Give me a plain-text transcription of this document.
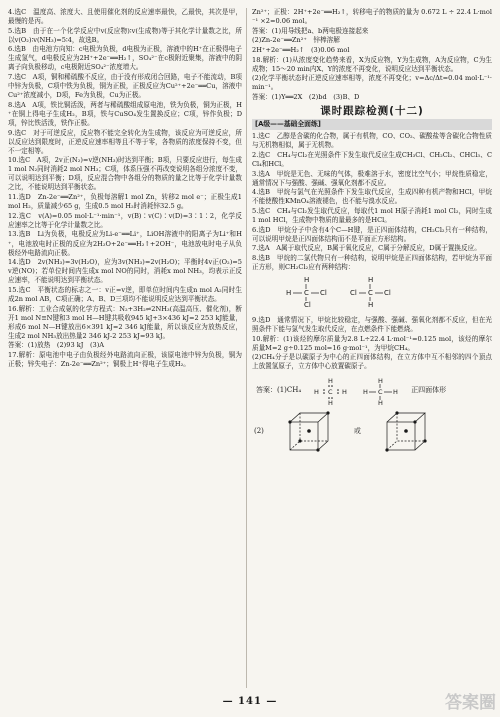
4.选C　温度高、浓度大、且使用催化剂的反应速率最快，乙最快，其次是甲，最慢的是丙。

5.选B　由于在一个化学反应中v(反应物)∶v(生成物)等于其化学计量数之比，所以v(O₂)∶v(NH₃)=5∶4，故选B。

6.选B　由电池方向知：c电极为负极，d电极为正极，溶液中的H⁺在正极得电子生成氢气，d电极反应为2H⁺+2e⁻══H₂↑，SO₄²⁻在c极附近聚集，溶液中的阴离子向负极移动，c电极附近SO₄²⁻浓度增大。

7.选C　A项，铜和稀硫酸不反应，由于没有形成闭合回路，电子不能流动，B项中锌为负极，C项中铁为负极，铜为正极，正极反应为Cu²⁺+2e⁻══Cu，溶液中Cu²⁺浓度减小，D项，Fe为负极，Cu为正极。

8.选A　A项，铁比铜活泼，两者与稀硫酸组成原电池，铁为负极，铜为正极，H⁺在铜上得电子生成H₂，B项，铁与CuSO₄发生置换反应；C项，锌作负极；D项，锌比铁活泼，铁作正极。

9.选C　对于可逆反应，反应物不能完全转化为生成物，该反应为可逆反应，所以反应达到限度时，正逆反应速率相等且不等于零，各物质的浓度保持不变，但不一定相等。

10.选C　A项，2v正(N₂)=v逆(NH₃)时达到平衡；B项，只要反应进行，每生成1 mol N₂同时消耗2 mol NH₃；C项，体系压强不再改变说明各组分浓度不变，可以说明达到平衡；D项，反应混合物中各组分的物质的量之比等于化学计量数之比，不能说明达到平衡状态。

11.选D　Zn-2e⁻══Zn²⁺，负极每溶解1 mol Zn，转移2 mol e⁻；正极生成1 mol H₂，质量减少65 g，生成0.5 mol H₂时消耗锌32.5 g。

12.选C　v(A)=0.05 mol·L⁻¹·min⁻¹，v(B)∶v(C)∶v(D)=3∶1∶2，化学反应速率之比等于化学计量数之比。

13.选B　Li为负极，电极反应为Li-e⁻══Li⁺，LiOH溶液中的阳离子为Li⁺和H⁺，电池放电时正极的反应为2H₂O+2e⁻══H₂↑+2OH⁻，电池放电时电子从负极经外电路流向正极。

14.选D　2v(NH₃)=3v(H₂O)，应为3v(NH₃)=2v(H₂O)；平衡时4v正(O₂)=5v逆(NO)；若单位时间内生成x mol NO的同时，消耗x mol NH₃，均表示正反应速率，不能说明达到平衡状态。

15.选C　平衡状态的标志之一：v正=v逆，即单位时间内生成n mol A₂同时生成2n mol AB，C项正确；A、B、D三项均不能说明反应达到平衡状态。

16.解析：工业合成氨的化学方程式：N₂+3H₂⇌2NH₃(高温高压、催化剂)，断开1 mol N≡N键和3 mol H—H键共吸收945 kJ+3×436 kJ=2 253 kJ能量，形成6 mol N—H键放出6×391 kJ=2 346 kJ能量，所以该反应为放热反应，生成2 mol NH₃放出热量2 346 kJ-2 253 kJ=93 kJ。

答案：(1)放热　(2)93 kJ　(3)A

17.解析：原电池中电子由负极经外电路流向正极，该原电池中锌为负极，铜为正极；锌失电子：Zn-2e⁻══Zn²⁺；铜极上H⁺得电子生成H₂。

Zn²⁺；正极：2H⁺+2e⁻══H₂↑，转移电子的物质的量为 0.672 L ÷ 22.4 L·mol⁻¹ ×2=0.06 mol。

答案：(1)用导线把a、b两电极连接起来

(2)Zn-2e⁻══Zn²⁺　锌棒溶解

2H⁺+2e⁻══H₂↑　(3)0.06 mol

18.解析：(1)从浓度变化趋势来看，X为反应物，Y为生成物，A为反应物，C为生成物；15～20 min内X、Y的浓度不再变化，说明反应达到平衡状态。

(2)化学平衡状态时正逆反应速率相等，浓度不再变化；v=Δc/Δt=0.04 mol·L⁻¹·min⁻¹。

答案：(1)Y══2X　(2)bd　(3)B、D

课时跟踪检测(十二)
[A级——基础全面练]

1.选C　乙醇是含碳的化合物，属于有机物，CO、CO₂、碳酸盐等含碳化合物性质与无机物相似，属于无机物。

2.选C　CH₄与Cl₂在光照条件下发生取代反应生成CH₃Cl、CH₂Cl₂、CHCl₃、CCl₄和HCl。

3.选A　甲烷是无色、无味的气体，极难溶于水，密度比空气小；甲烷性质稳定，通常情况下与强酸、强碱、强氧化剂都不反应。

4.选B　甲烷与氯气在光照条件下发生取代反应，生成四种有机产物和HCl，甲烷不能使酸性KMnO₄溶液褪色，也不能与溴水反应。

5.选C　CH₄与Cl₂发生取代反应，每取代1 mol H原子消耗1 mol Cl₂，同时生成1 mol HCl，生成物中物质的量最多的是HCl。

6.选D　甲烷分子中含有4个C—H键，是正四面体结构，CH₂Cl₂只有一种结构，可以说明甲烷是正四面体结构而不是平面正方形结构。

7.选A　A属于取代反应，B属于氧化反应，C属于分解反应，D属于置换反应。

8.选B　甲烷的二氯代物只有一种结构，说明甲烷是正四面体结构，若甲烷为平面正方形，则CH₂Cl₂应有两种结构：

H
Cl
H C Cl
H
H
Cl C Cl

9.选D　通常情况下，甲烷比较稳定，与强酸、强碱、强氧化剂都不反应，但在光照条件下能与氯气发生取代反应，在点燃条件下能燃烧。

10.解析：(1)该烃的摩尔质量为2.8 L÷22.4 L·mol⁻¹=0.125 mol，该烃的摩尔质量M=2 g÷0.125 mol=16 g·mol⁻¹，为甲烷CH₄。

(2)CH₄分子是以碳原子为中心的正四面体结构，在立方体中互不相邻的四个顶点上放置氢原子，立方体中心放置碳原子。

答案：(1)CH₄
H
H C H
H
H
H C H
H
正四面体形
(2)	或
— 141 —	答案圈
